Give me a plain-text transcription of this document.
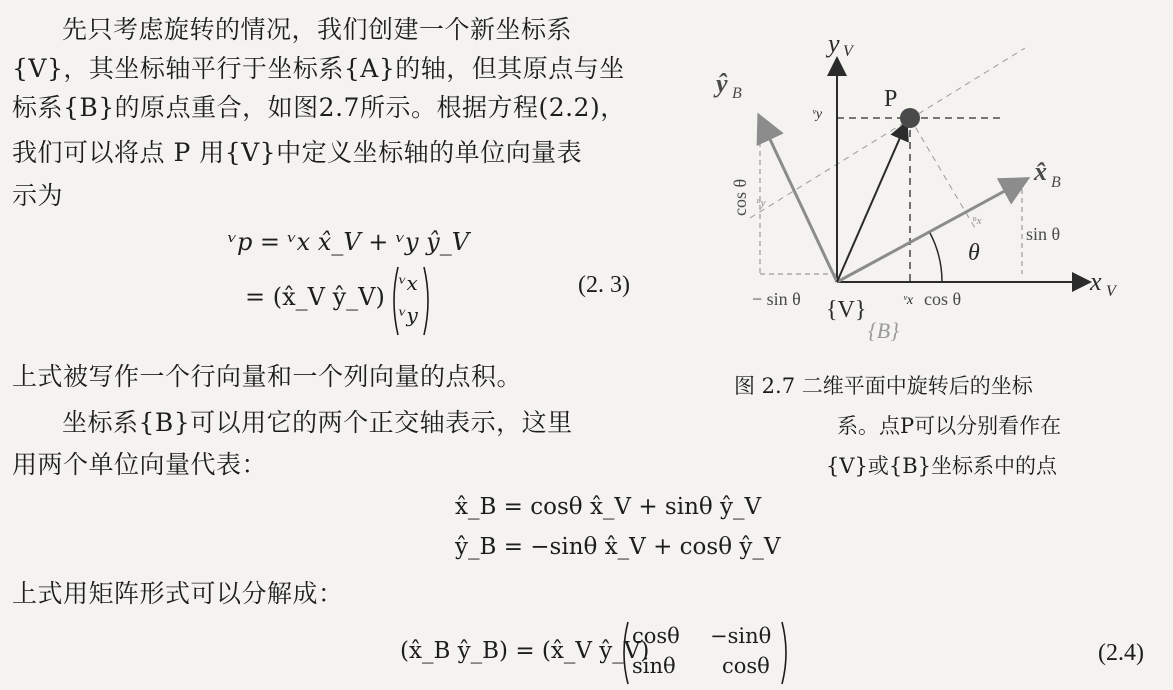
先只考虑旋转的情况，我们创建一个新坐标系
{V}，其坐标轴平行于坐标系{A}的轴，但其原点与坐
标系{B}的原点重合，如图2.7所示。根据方程(2.2)，
我们可以将点 P 用{V}中定义坐标轴的单位向量表
示为
ᵛp = ᵛx x̂_V + ᵛy ŷ_V
= (x̂_V ŷ_V) ᵛx
ᵛy
(2. 3)
上式被写作一个行向量和一个列向量的点积。
坐标系{B}可以用它的两个正交轴表示，这里
用两个单位向量代表：
x̂_B = cosθ x̂_V + sinθ ŷ_V
ŷ_B = −sinθ x̂_V + cosθ ŷ_V
上式用矩阵形式可以分解成：
(x̂_B ŷ_B) = (x̂_V ŷ_V)
cosθ −sinθ
sinθ cosθ	(2.4)
y V
x V
ŷ B
x̂ B
P
ᵛy
ᵛx
ᴮy
ᴮx
cos θ
sin θ
θ
− sin θ	cos θ
{V}
{B}
图 2.7 二维平面中旋转后的坐标
系。点P可以分别看作在
{V}或{B}坐标系中的点
